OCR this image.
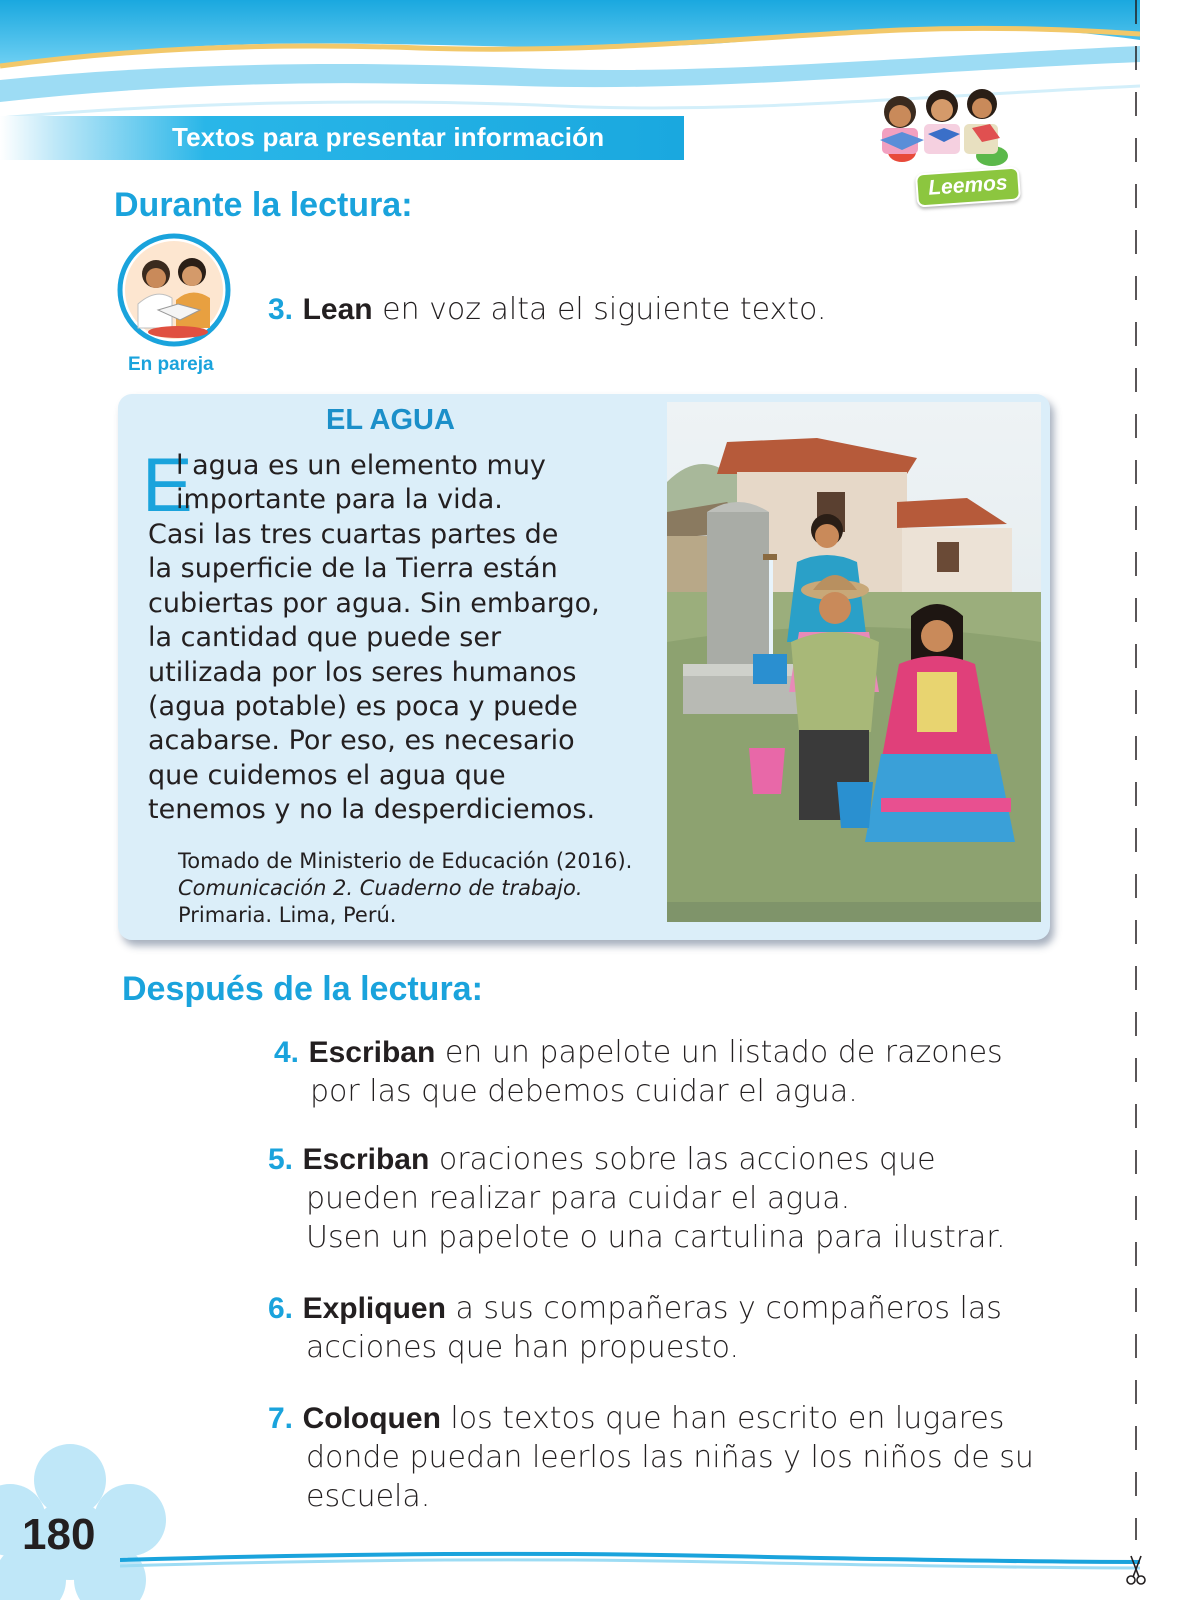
Textos para presentar información
Leemos
Durante la lectura:
En pareja
3. Lean en voz alta el siguiente texto.
EL AGUA
E
l agua es un elemento muy
importante para la vida.
Casi las tres cuartas partes de
la superficie de la Tierra están
cubiertas por agua. Sin embargo,
la cantidad que puede ser
utilizada por los seres humanos
(agua potable) es poca y puede
acabarse. Por eso, es necesario
que cuidemos el agua que
tenemos y no la desperdiciemos.
Tomado de Ministerio de Educación (2016).
Comunicación 2. Cuaderno de trabajo.
Primaria. Lima, Perú.
Después de la lectura:
4. Escriban en un papelote un listado de razones
por las que debemos cuidar el agua.
5. Escriban oraciones sobre las acciones que
pueden realizar para cuidar el agua.
Usen un papelote o una cartulina para ilustrar.
6. Expliquen a sus compañeras y compañeros las
acciones que han propuesto.
7. Coloquen los textos que han escrito en lugares
donde puedan leerlos las niñas y los niños de su
escuela.
180
